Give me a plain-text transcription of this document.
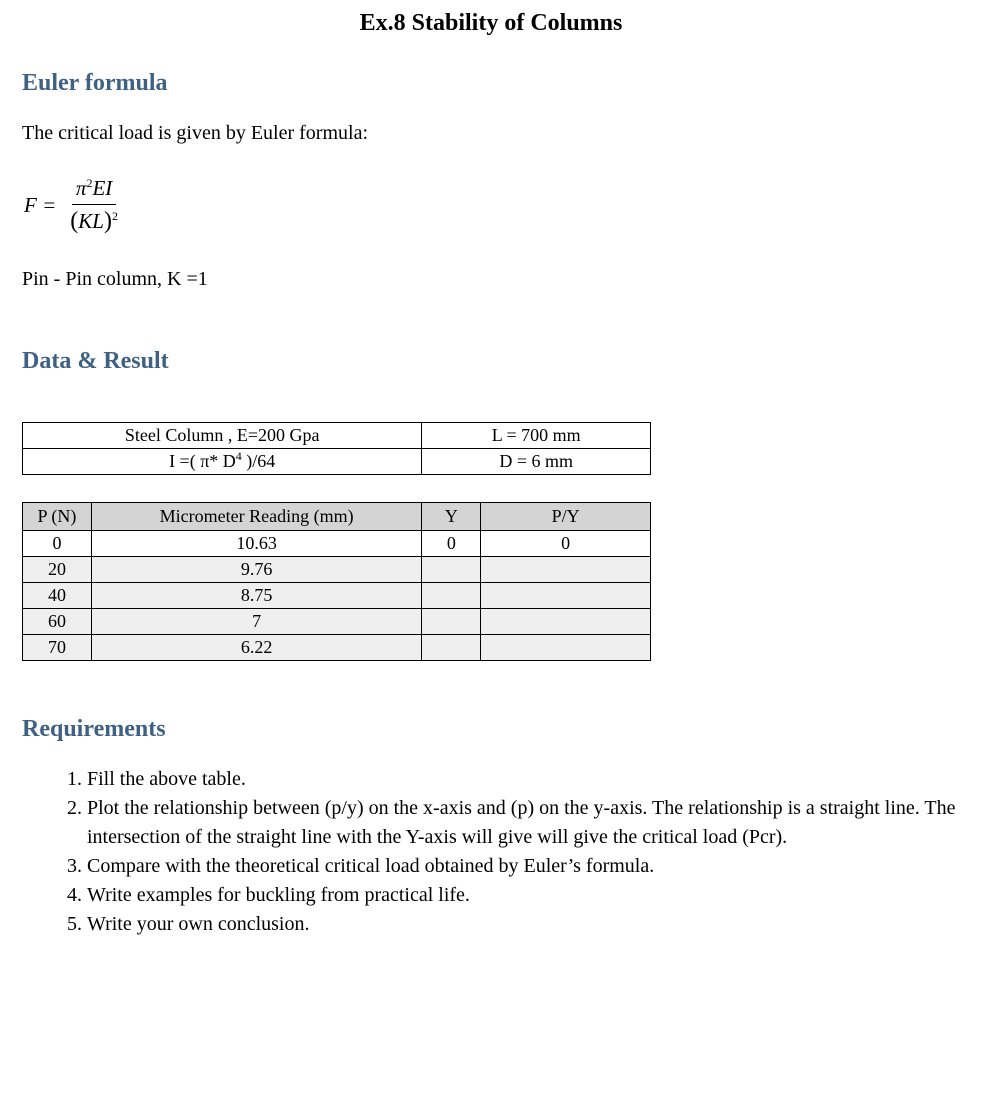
Ex.8 Stability of Columns
Euler formula
The critical load is given by Euler formula:
$F = \frac{\pi^2EI}{(KL)^2}$
Pin - Pin column, K =1
Data & Result
Steel Column , E=200 Gpa	L = 700 mm
I =( π* $D^4$ )/64	D = 6 mm
P (N)	Micrometer Reading (mm)	Y	P/Y
0	10.63	0	0
20	9.76		
40	8.75		
60	7		
70	6.22		
Requirements
1. Fill the above table.
2. Plot the relationship between (p/y) on the x-axis and (p) on the y-axis. The relationship is a straight line. The intersection of the straight line with the Y-axis will give will give the critical load (Pcr).
3. Compare with the theoretical critical load obtained by Euler’s formula.
4. Write examples for buckling from practical life.
5. Write your own conclusion.
